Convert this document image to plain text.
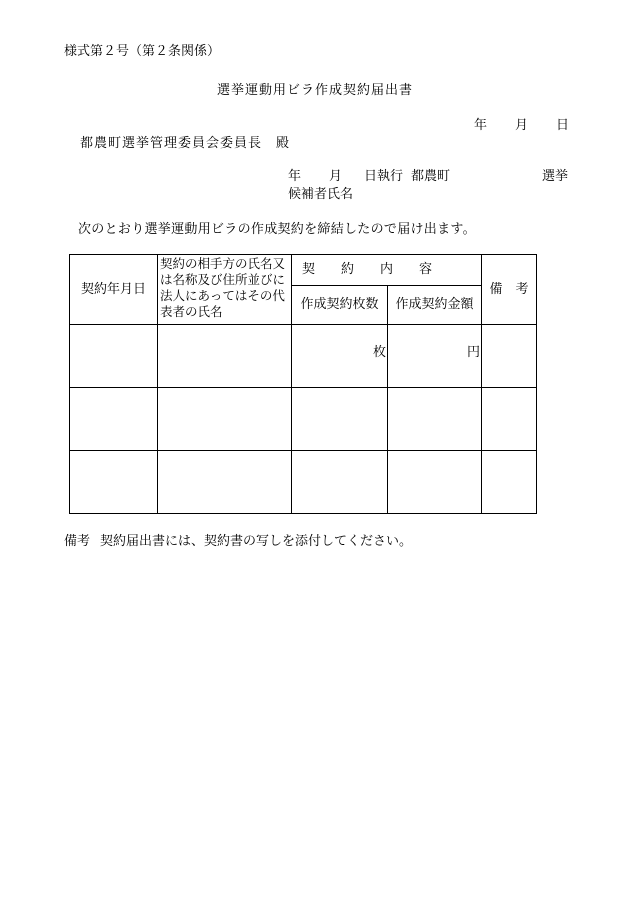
様式第２号（第２条関係）
選挙運動用ビラ作成契約届出書
年 月 日
都農町選挙管理委員会委員長　殿
年 月 日執行 都農町	選挙
候補者氏名
次のとおり選挙運動用ビラの作成契約を締結したので届け出ます。
契約年月日	契約の相手方の氏名又は名称及び住所並びに法人にあってはその代表者の氏名	契　　約　　内　　容		備　考
		作成契約枚数	作成契約金額	
		枚	円	

備考 契約届出書には、契約書の写しを添付してください。
